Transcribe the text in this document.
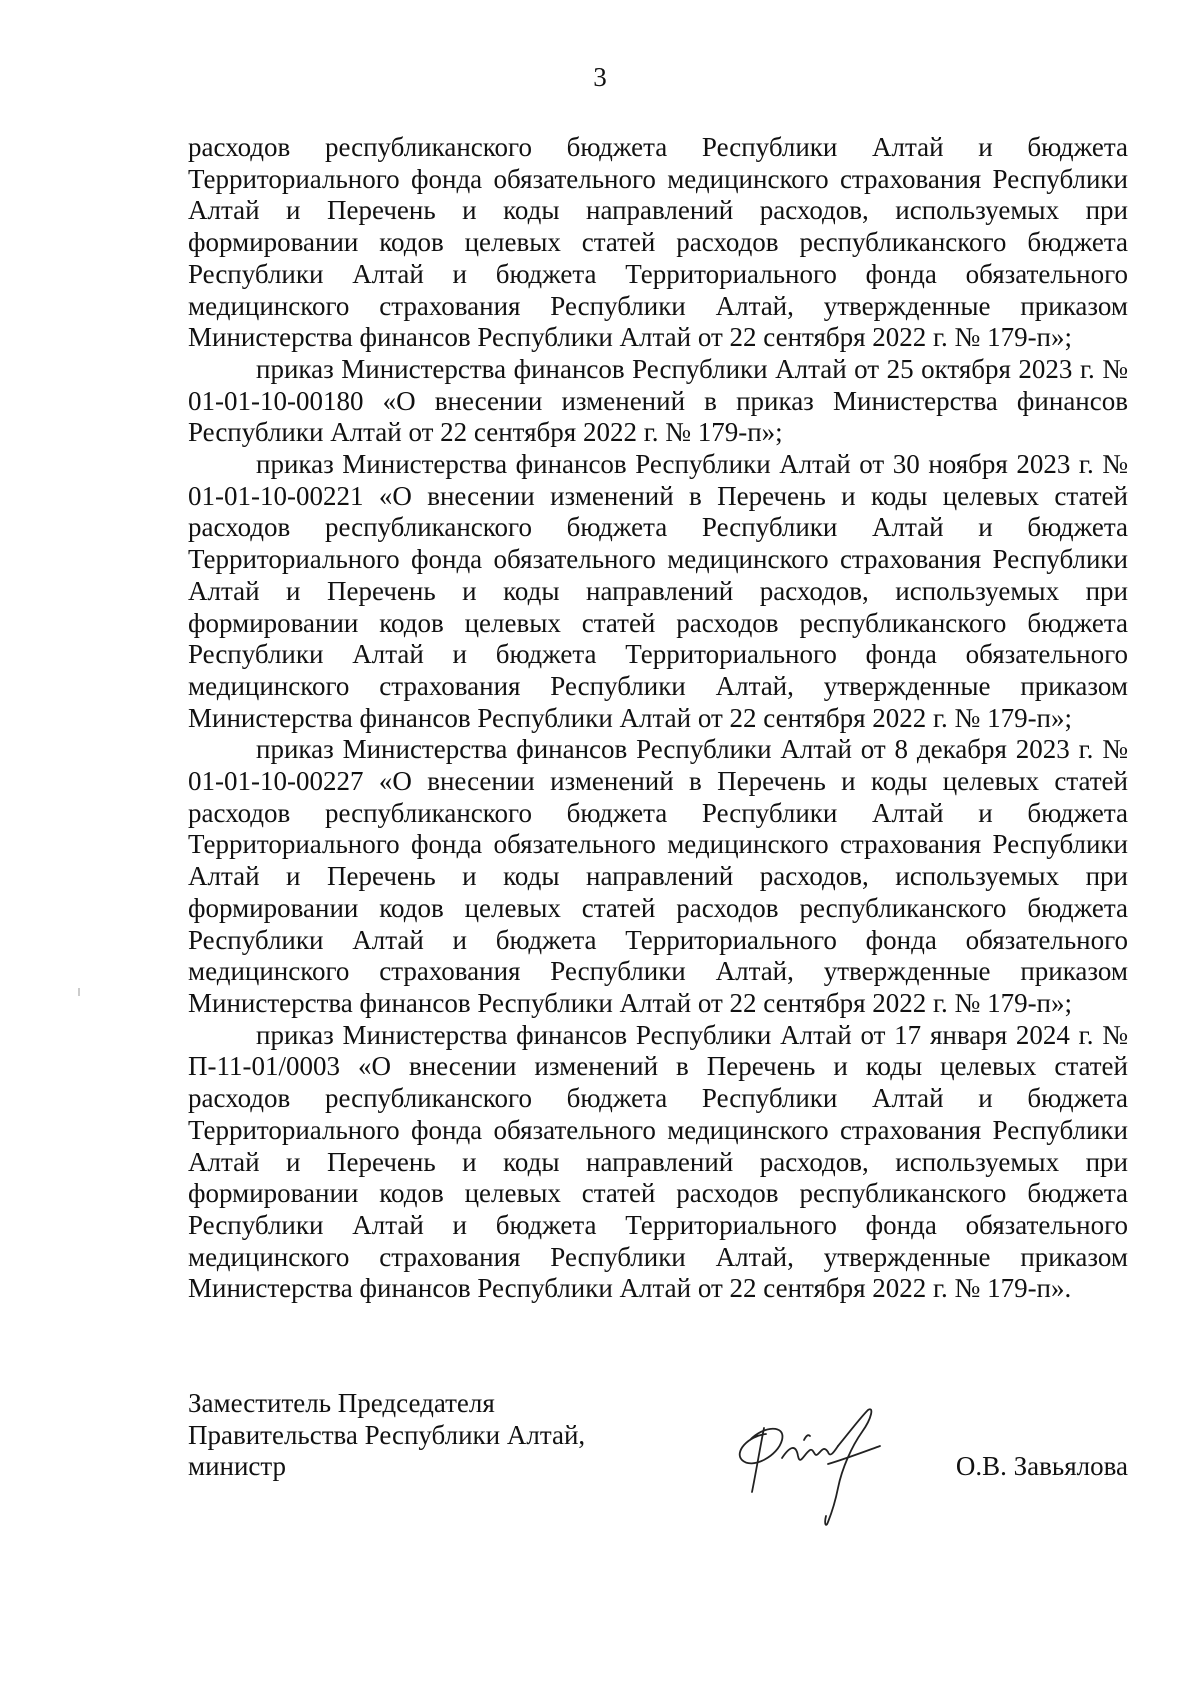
3

расходов республиканского бюджета Республики Алтай и бюджета Территориального фонда обязательного медицинского страхования Республики Алтай и Перечень и коды направлений расходов, используемых при формировании кодов целевых статей расходов республиканского бюджета Республики Алтай и бюджета Территориального фонда обязательного медицинского страхования Республики Алтай, утвержденные приказом Министерства финансов Республики Алтай от 22 сентября 2022 г. № 179-п»;

приказ Министерства финансов Республики Алтай от 25 октября 2023 г. № 01-01-10-00180 «О внесении изменений в приказ Министерства финансов Республики Алтай от 22 сентября 2022 г. № 179-п»;

приказ Министерства финансов Республики Алтай от 30 ноября 2023 г. № 01-01-10-00221 «О внесении изменений в Перечень и коды целевых статей расходов республиканского бюджета Республики Алтай и бюджета Территориального фонда обязательного медицинского страхования Республики Алтай и Перечень и коды направлений расходов, используемых при формировании кодов целевых статей расходов республиканского бюджета Республики Алтай и бюджета Территориального фонда обязательного медицинского страхования Республики Алтай, утвержденные приказом Министерства финансов Республики Алтай от 22 сентября 2022 г. № 179-п»;

приказ Министерства финансов Республики Алтай от 8 декабря 2023 г. № 01-01-10-00227 «О внесении изменений в Перечень и коды целевых статей расходов республиканского бюджета Республики Алтай и бюджета Территориального фонда обязательного медицинского страхования Республики Алтай и Перечень и коды направлений расходов, используемых при формировании кодов целевых статей расходов республиканского бюджета Республики Алтай и бюджета Территориального фонда обязательного медицинского страхования Республики Алтай, утвержденные приказом Министерства финансов Республики Алтай от 22 сентября 2022 г. № 179-п»;

приказ Министерства финансов Республики Алтай от 17 января 2024 г. № П-11-01/0003 «О внесении изменений в Перечень и коды целевых статей расходов республиканского бюджета Республики Алтай и бюджета Территориального фонда обязательного медицинского страхования Республики Алтай и Перечень и коды направлений расходов, используемых при формировании кодов целевых статей расходов республиканского бюджета Республики Алтай и бюджета Территориального фонда обязательного медицинского страхования Республики Алтай, утвержденные приказом Министерства финансов Республики Алтай от 22 сентября 2022 г. № 179-п».

Заместитель Председателя
Правительства Республики Алтай,
министр	О.В. Завьялова
